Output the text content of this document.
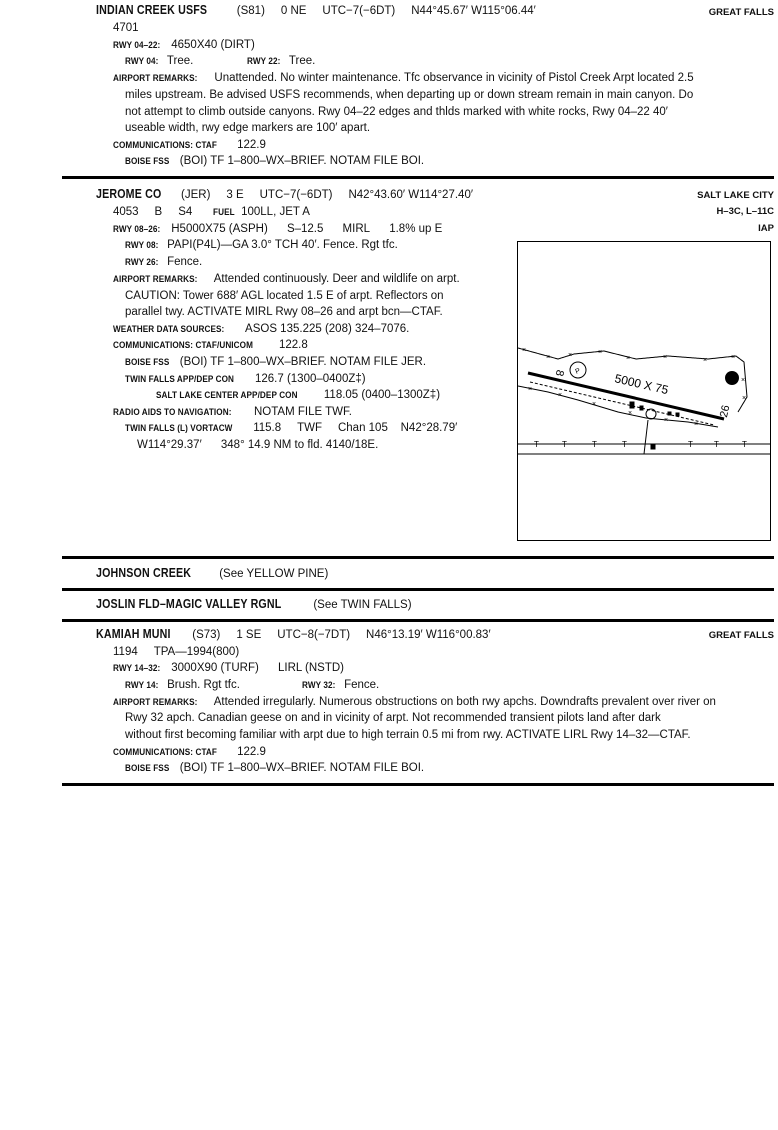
INDIAN CREEK USFS	(S81)     0 NE     UTC−7(−6DT)     N44°45.67′ W115°06.44′	GREAT FALLS
4701
RWY 04–22: 4650X40 (DIRT)
RWY 04: Tree.	RWY 22: Tree.
AIRPORT REMARKS: Unattended. No winter maintenance. Tfc observance in vicinity of Pistol Creek Arpt located 2.5
miles upstream. Be advised USFS recommends, when departing up or down stream remain in main canyon. Do
not attempt to climb outside canyons. Rwy 04–22 edges and thlds marked with white rocks, Rwy 04–22 40′
useable width, rwy edge markers are 100′ apart.
COMMUNICATIONS: CTAF 122.9
BOISE FSS (BOI) TF 1–800–WX–BRIEF. NOTAM FILE BOI.
JEROME CO (JER)     3 E     UTC−7(−6DT)     N42°43.60′ W114°27.40′	SALT LAKE CITY
H–3C, L–11C
IAP
4053     B     S4 FUEL 100LL, JET A
RWY 08–26: H5000X75 (ASPH)      S–12.5      MIRL      1.8% up E
RWY 08: PAPI(P4L)—GA 3.0° TCH 40′. Fence. Rgt tfc.
RWY 26: Fence.
AIRPORT REMARKS: Attended continuously. Deer and wildlife on arpt.
CAUTION: Tower 688′ AGL located 1.5 E of arpt. Reflectors on
parallel twy. ACTIVATE MIRL Rwy 08–26 and arpt bcn—CTAF.
WEATHER DATA SOURCES: ASOS 135.225 (208) 324–7076.
COMMUNICATIONS: CTAF/UNICOM 122.8
BOISE FSS (BOI) TF 1–800–WX–BRIEF. NOTAM FILE JER.
TWIN FALLS APP/DEP CON 126.7 (1300–0400Z‡)
SALT LAKE CENTER APP/DEP CON 118.05 (0400–1300Z‡)
RADIO AIDS TO NAVIGATION: NOTAM FILE TWF.
TWIN FALLS (L) VORTACW 115.8     TWF     Chan 105    N42°28.79′
W114°29.37′      348° 14.9 NM to fld. 4140/18E.
×
×	×	×
×	×	×	×
×
×
×
×
×
×
×
×
T	T	T	T	T	T	T
P	5000 X 75
8
26
JOHNSON CREEK (See YELLOW PINE)
JOSLIN FLD–MAGIC VALLEY RGNL	(See TWIN FALLS)
KAMIAH MUNI (S73)     1 SE     UTC−8(−7DT)     N46°13.19′ W116°00.83′	GREAT FALLS
1194     TPA—1994(800)
RWY 14–32: 3000X90 (TURF)      LIRL (NSTD)
RWY 14: Brush. Rgt tfc.	RWY 32: Fence.
AIRPORT REMARKS: Attended irregularly. Numerous obstructions on both rwy apchs. Downdrafts prevalent over river on
Rwy 32 apch. Canadian geese on and in vicinity of arpt. Not recommended transient pilots land after dark
without first becoming familiar with arpt due to high terrain 0.5 mi from rwy. ACTIVATE LIRL Rwy 14–32—CTAF.
COMMUNICATIONS: CTAF 122.9
BOISE FSS (BOI) TF 1–800–WX–BRIEF. NOTAM FILE BOI.
